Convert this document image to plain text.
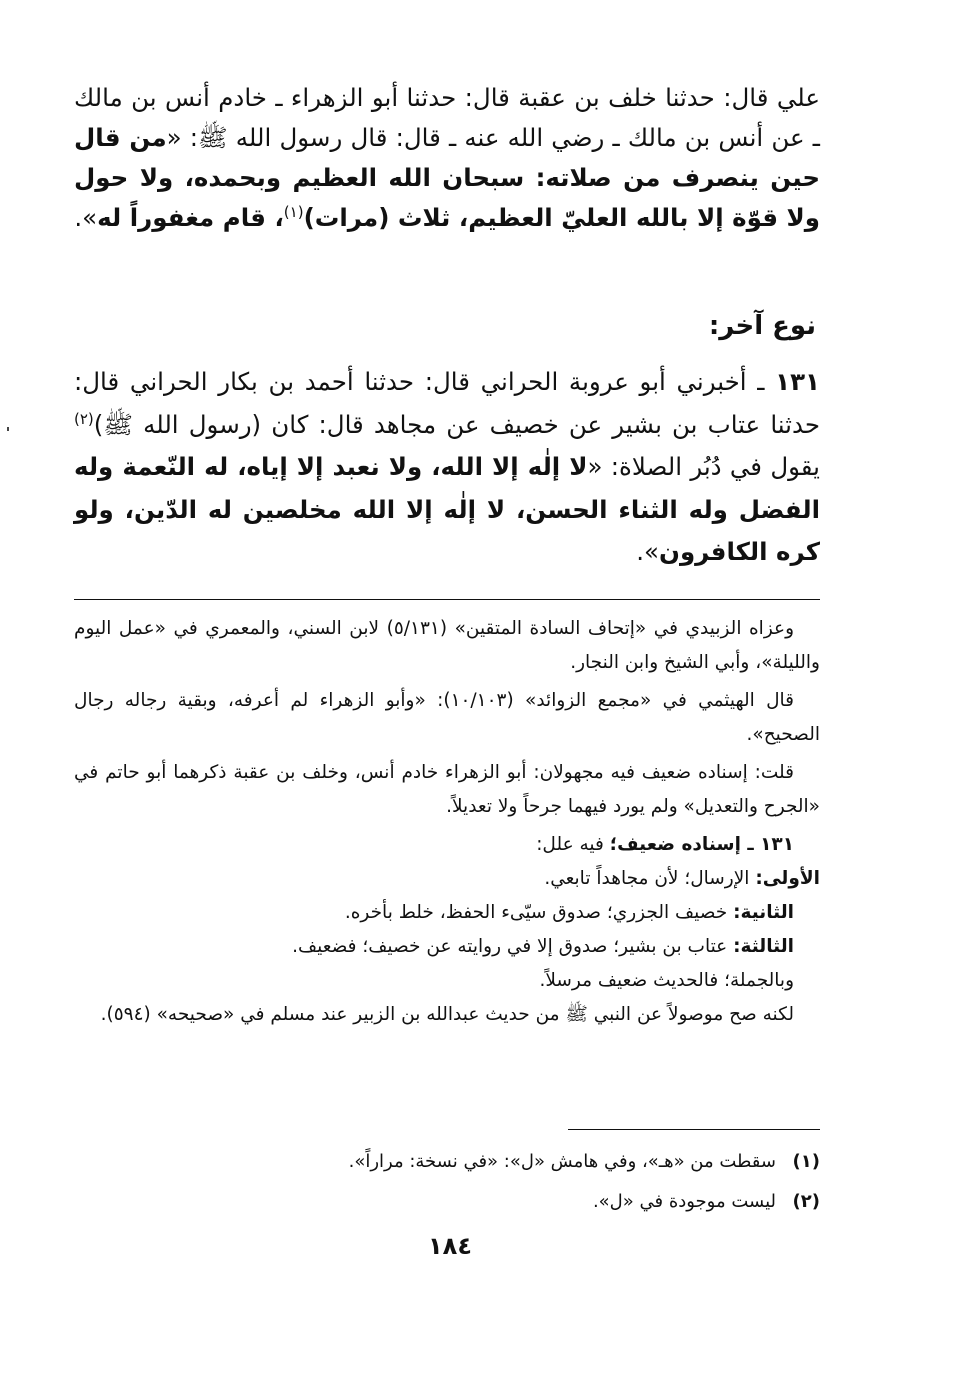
علي قال: حدثنا خلف بن عقبة قال: حدثنا أبو الزهراء ـ خادم أنس بن مالك ـ عن أنس بن مالك ـ رضي الله عنه ـ قال: قال رسول الله ﷺ: «من قال حين ينصرف من صلاته: سبحان الله العظيم وبحمده، ولا حول ولا قوّة إلا بالله العليّ العظيم، ثلاث (مرات)$^{(١)}$، قام مغفوراً له».

نوع آخر:

١٣١ ـ أخبرني أبو عروبة الحراني قال: حدثنا أحمد بن بكار الحراني قال: حدثنا عتاب بن بشير عن خصيف عن مجاهد قال: كان (رسول الله ﷺ)$^{(٢)}$ يقول في دُبُر الصلاة: «لا إلٰه إلا الله، ولا نعبد إلا إياه، له النّعمة وله الفضل وله الثناء الحسن، لا إلٰه إلا الله مخلصين له الدّين، ولو كره الكافرون».

وعزاه الزبيدي في «إتحاف السادة المتقين» (٥/١٣١) لابن السني، والمعمري في «عمل اليوم والليلة»، وأبي الشيخ وابن النجار.

قال الهيثمي في «مجمع الزوائد» (١٠/١٠٣): «وأبو الزهراء لم أعرفه، وبقية رجاله رجال الصحيح».

قلت: إسناده ضعيف فيه مجهولان: أبو الزهراء خادم أنس، وخلف بن عقبة ذكرهما أبو حاتم في «الجرح والتعديل» ولم يورد فيهما جرحاً ولا تعديلاً.

١٣١ ـ إسناده ضعيف؛ فيه علل:

الأولى: الإرسال؛ لأن مجاهداً تابعي.

الثانية: خصيف الجزري؛ صدوق سيّىء الحفظ، خلط بأخره.

الثالثة: عتاب بن بشير؛ صدوق إلا في روايته عن خصيف؛ فضعيف.

وبالجملة؛ فالحديث ضعيف مرسلاً.

لكنه صح موصولاً عن النبي ﷺ من حديث عبدالله بن الزبير عند مسلم في «صحيحه» (٥٩٤).

(١)سقطت من «هـ»، وفي هامش «ل»: «في نسخة: مراراً».

(٢)ليست موجودة في «ل».

١٨٤
